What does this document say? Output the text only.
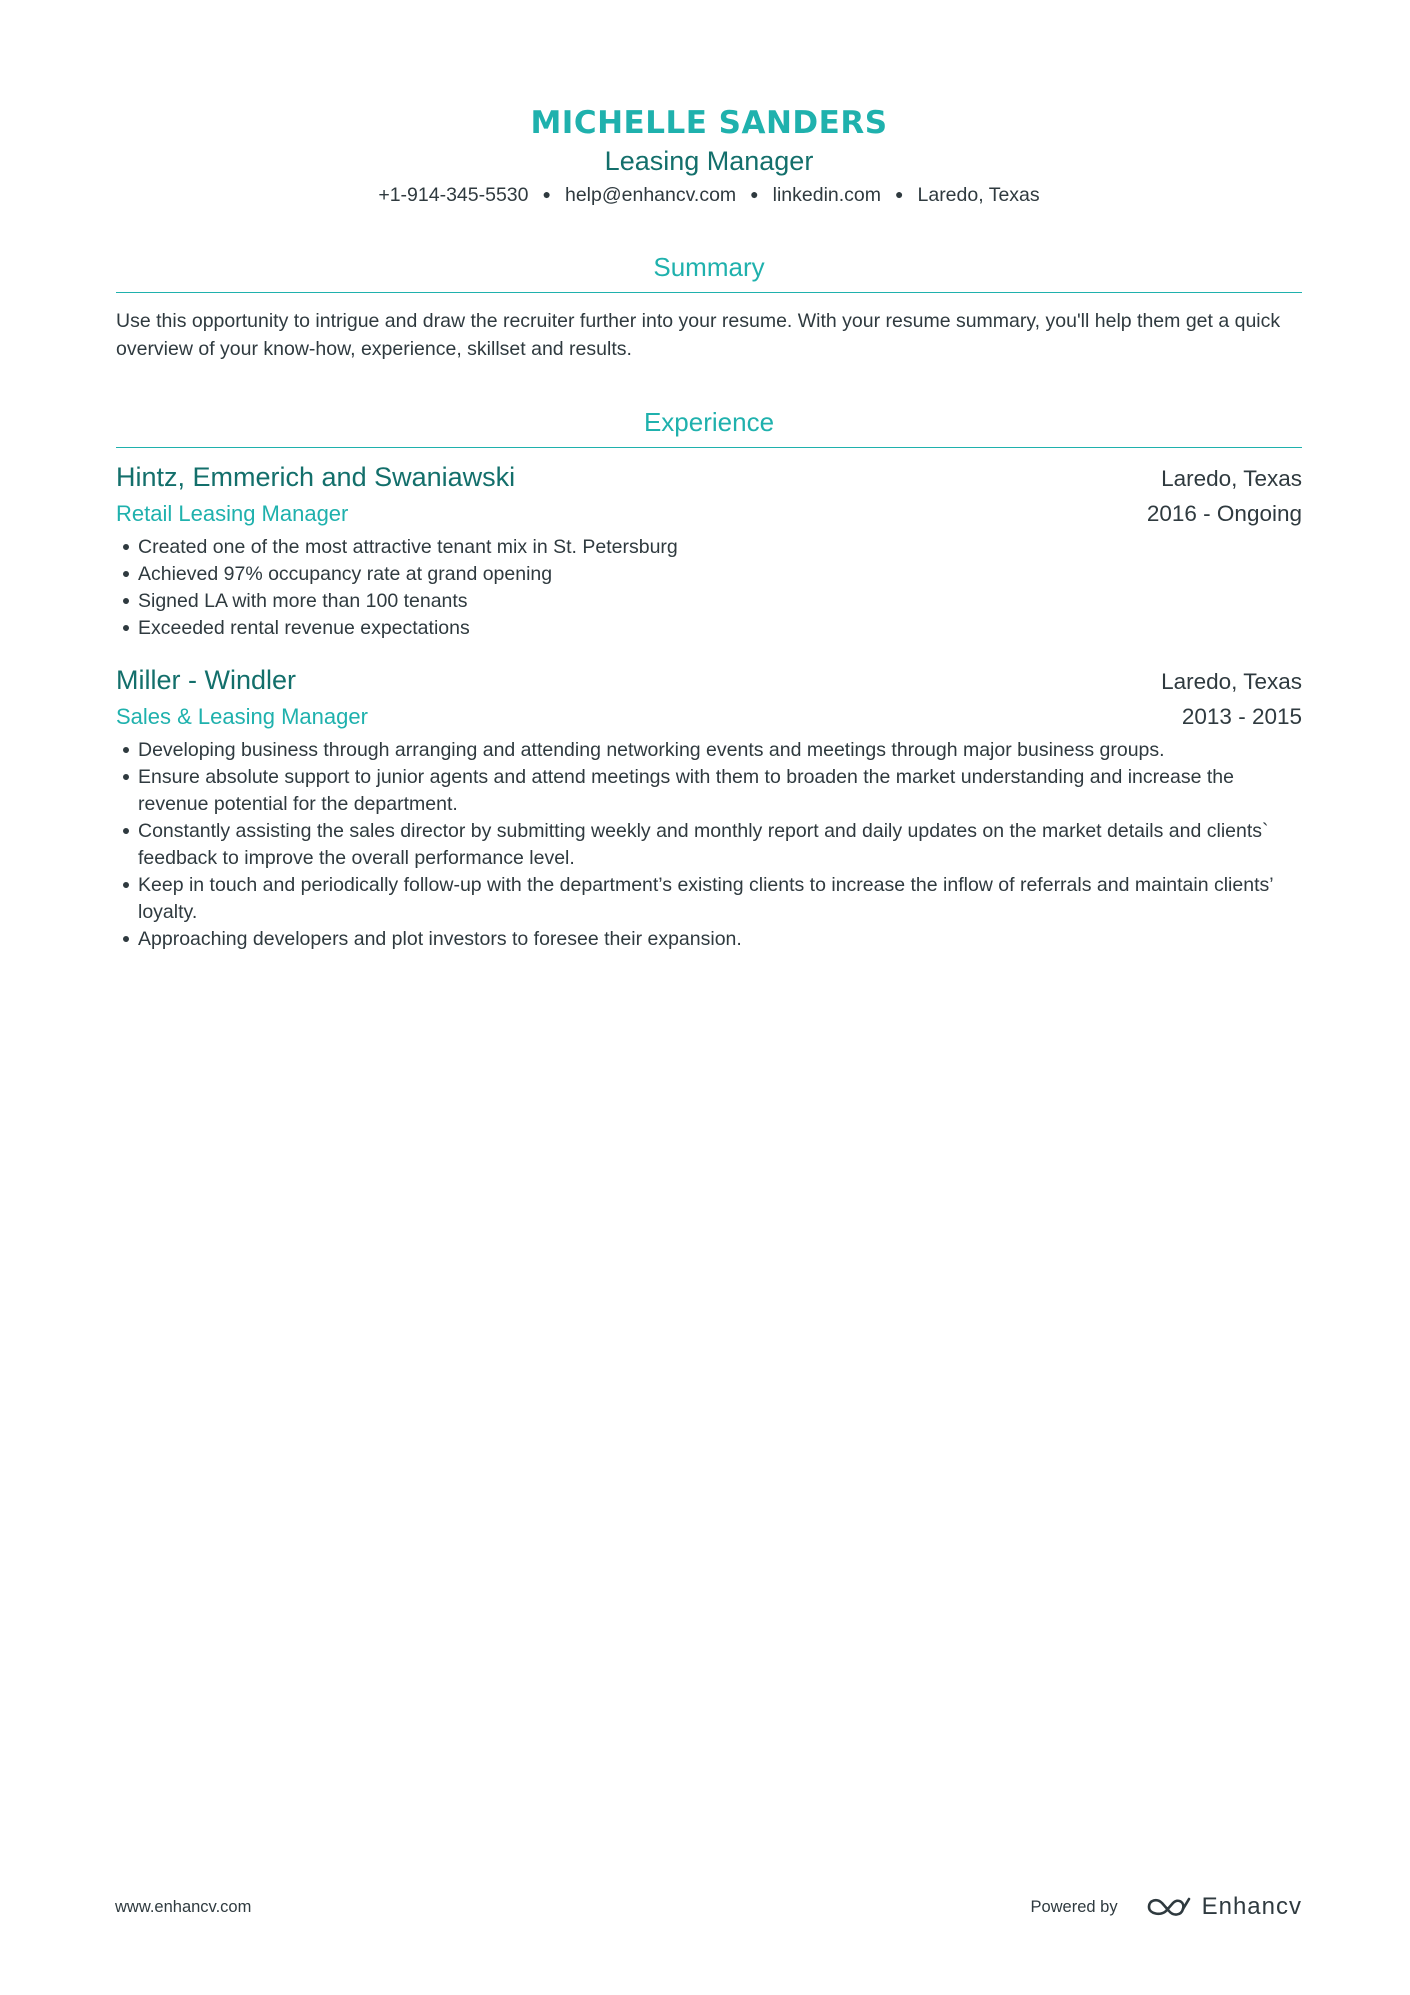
MICHELLE SANDERS
Leasing Manager
+1-914-345-5530 ● help@enhancv.com ● linkedin.com ● Laredo, Texas
Summary
Use this opportunity to intrigue and draw the recruiter further into your resume. With your resume summary, you'll help them get a quick overview of your know-how, experience, skillset and results.
Experience
Hintz, Emmerich and Swaniawski	Laredo, Texas
Retail Leasing Manager	2016 - Ongoing
Created one of the most attractive tenant mix in St. Petersburg
Achieved 97% occupancy rate at grand opening
Signed LA with more than 100 tenants
Exceeded rental revenue expectations
Miller - Windler	Laredo, Texas
Sales & Leasing Manager	2013 - 2015
Developing business through arranging and attending networking events and meetings through major business groups.
Ensure absolute support to junior agents and attend meetings with them to broaden the market understanding and increase the revenue potential for the department.
Constantly assisting the sales director by submitting weekly and monthly report and daily updates on the market details and clients` feedback to improve the overall performance level.
Keep in touch and periodically follow-up with the department’s existing clients to increase the inflow of referrals and maintain clients’ loyalty.
Approaching developers and plot investors to foresee their expansion.
www.enhancv.com	Powered by	Enhancv
